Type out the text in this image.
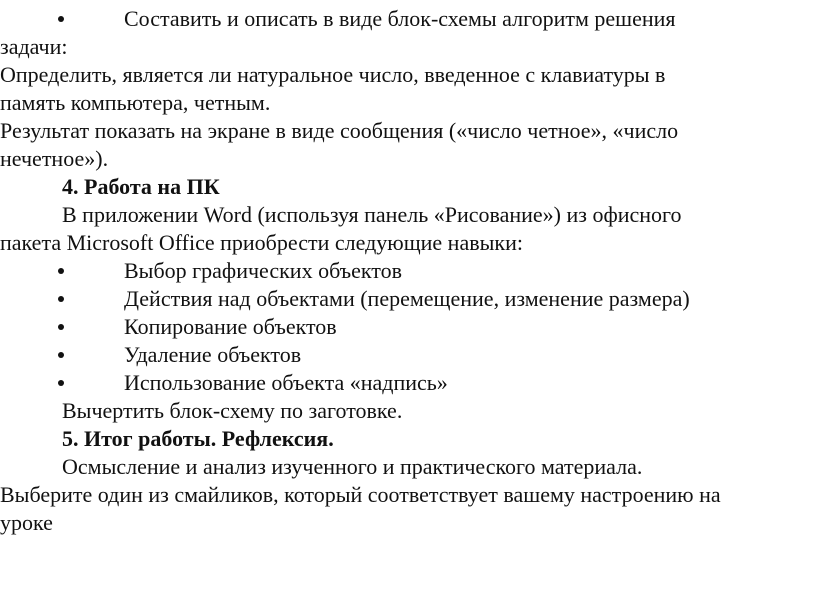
Составить и описать в виде блок-схемы алгоритм решения
задачи:
Определить, является ли натуральное число, введенное с клавиатуры в
память компьютера, четным.
Результат показать на экране в виде сообщения («число четное», «число
нечетное»).
4. Работа на ПК
В приложении Word (используя панель «Рисование») из офисного
пакета Microsoft Office приобрести следующие навыки:
Выбор графических объектов
Действия над объектами (перемещение, изменение размера)
Копирование объектов
Удаление объектов
Использование объекта «надпись»
Вычертить блок-схему по заготовке.
5. Итог работы. Рефлексия.
Осмысление и анализ изученного и практического материала.
Выберите один из смайликов, который соответствует вашему настроению на
уроке
